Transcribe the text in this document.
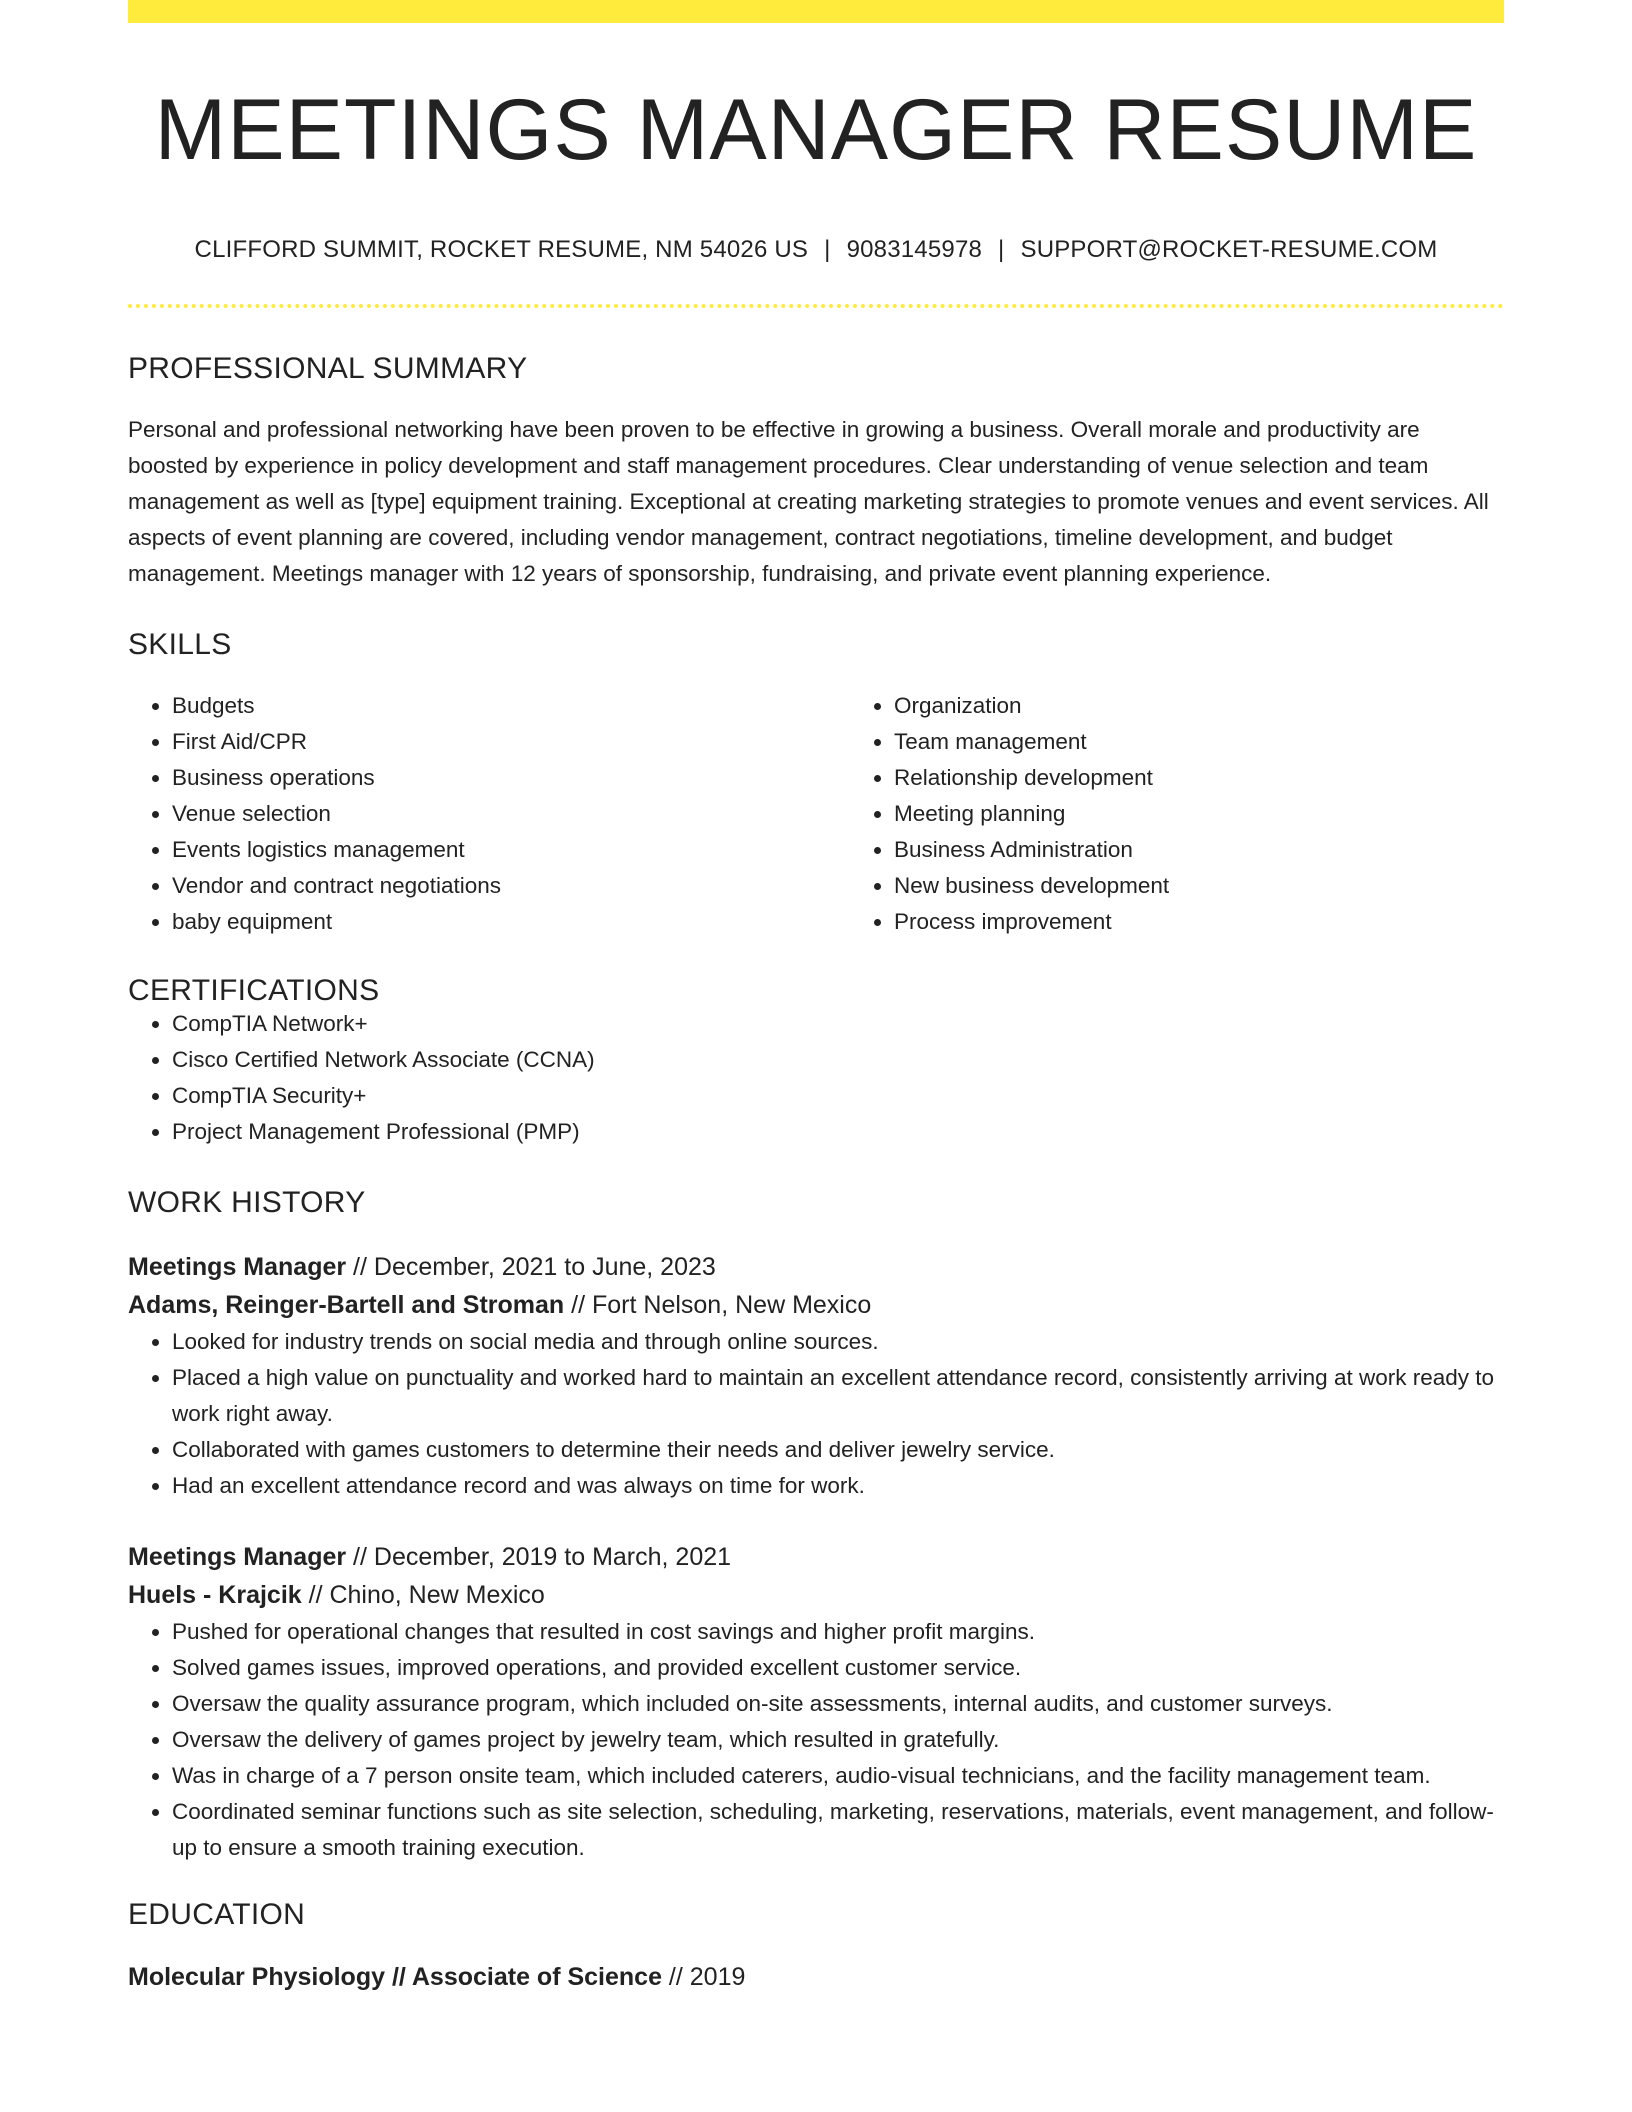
MEETINGS MANAGER RESUME
CLIFFORD SUMMIT, ROCKET RESUME, NM 54026 US | 9083145978 | SUPPORT@ROCKET-RESUME.COM
PROFESSIONAL SUMMARY
Personal and professional networking have been proven to be effective in growing a business. Overall morale and productivity are boosted by experience in policy development and staff management procedures. Clear understanding of venue selection and team management as well as [type] equipment training. Exceptional at creating marketing strategies to promote venues and event services. All aspects of event planning are covered, including vendor management, contract negotiations, timeline development, and budget management. Meetings manager with 12 years of sponsorship, fundraising, and private event planning experience.
SKILLS
• Budgets
• First Aid/CPR
• Business operations
• Venue selection
• Events logistics management
• Vendor and contract negotiations
• baby equipment
• Organization
• Team management
• Relationship development
• Meeting planning
• Business Administration
• New business development
• Process improvement
CERTIFICATIONS
• CompTIA Network+
• Cisco Certified Network Associate (CCNA)
• CompTIA Security+
• Project Management Professional (PMP)
WORK HISTORY
Meetings Manager // December, 2021 to June, 2023
Adams, Reinger-Bartell and Stroman // Fort Nelson, New Mexico
• Looked for industry trends on social media and through online sources.
• Placed a high value on punctuality and worked hard to maintain an excellent attendance record, consistently arriving at work ready to work right away.
• Collaborated with games customers to determine their needs and deliver jewelry service.
• Had an excellent attendance record and was always on time for work.
Meetings Manager // December, 2019 to March, 2021
Huels - Krajcik // Chino, New Mexico
• Pushed for operational changes that resulted in cost savings and higher profit margins.
• Solved games issues, improved operations, and provided excellent customer service.
• Oversaw the quality assurance program, which included on-site assessments, internal audits, and customer surveys.
• Oversaw the delivery of games project by jewelry team, which resulted in gratefully.
• Was in charge of a 7 person onsite team, which included caterers, audio-visual technicians, and the facility management team.
• Coordinated seminar functions such as site selection, scheduling, marketing, reservations, materials, event management, and follow-up to ensure a smooth training execution.
EDUCATION
Molecular Physiology // Associate of Science // 2019
